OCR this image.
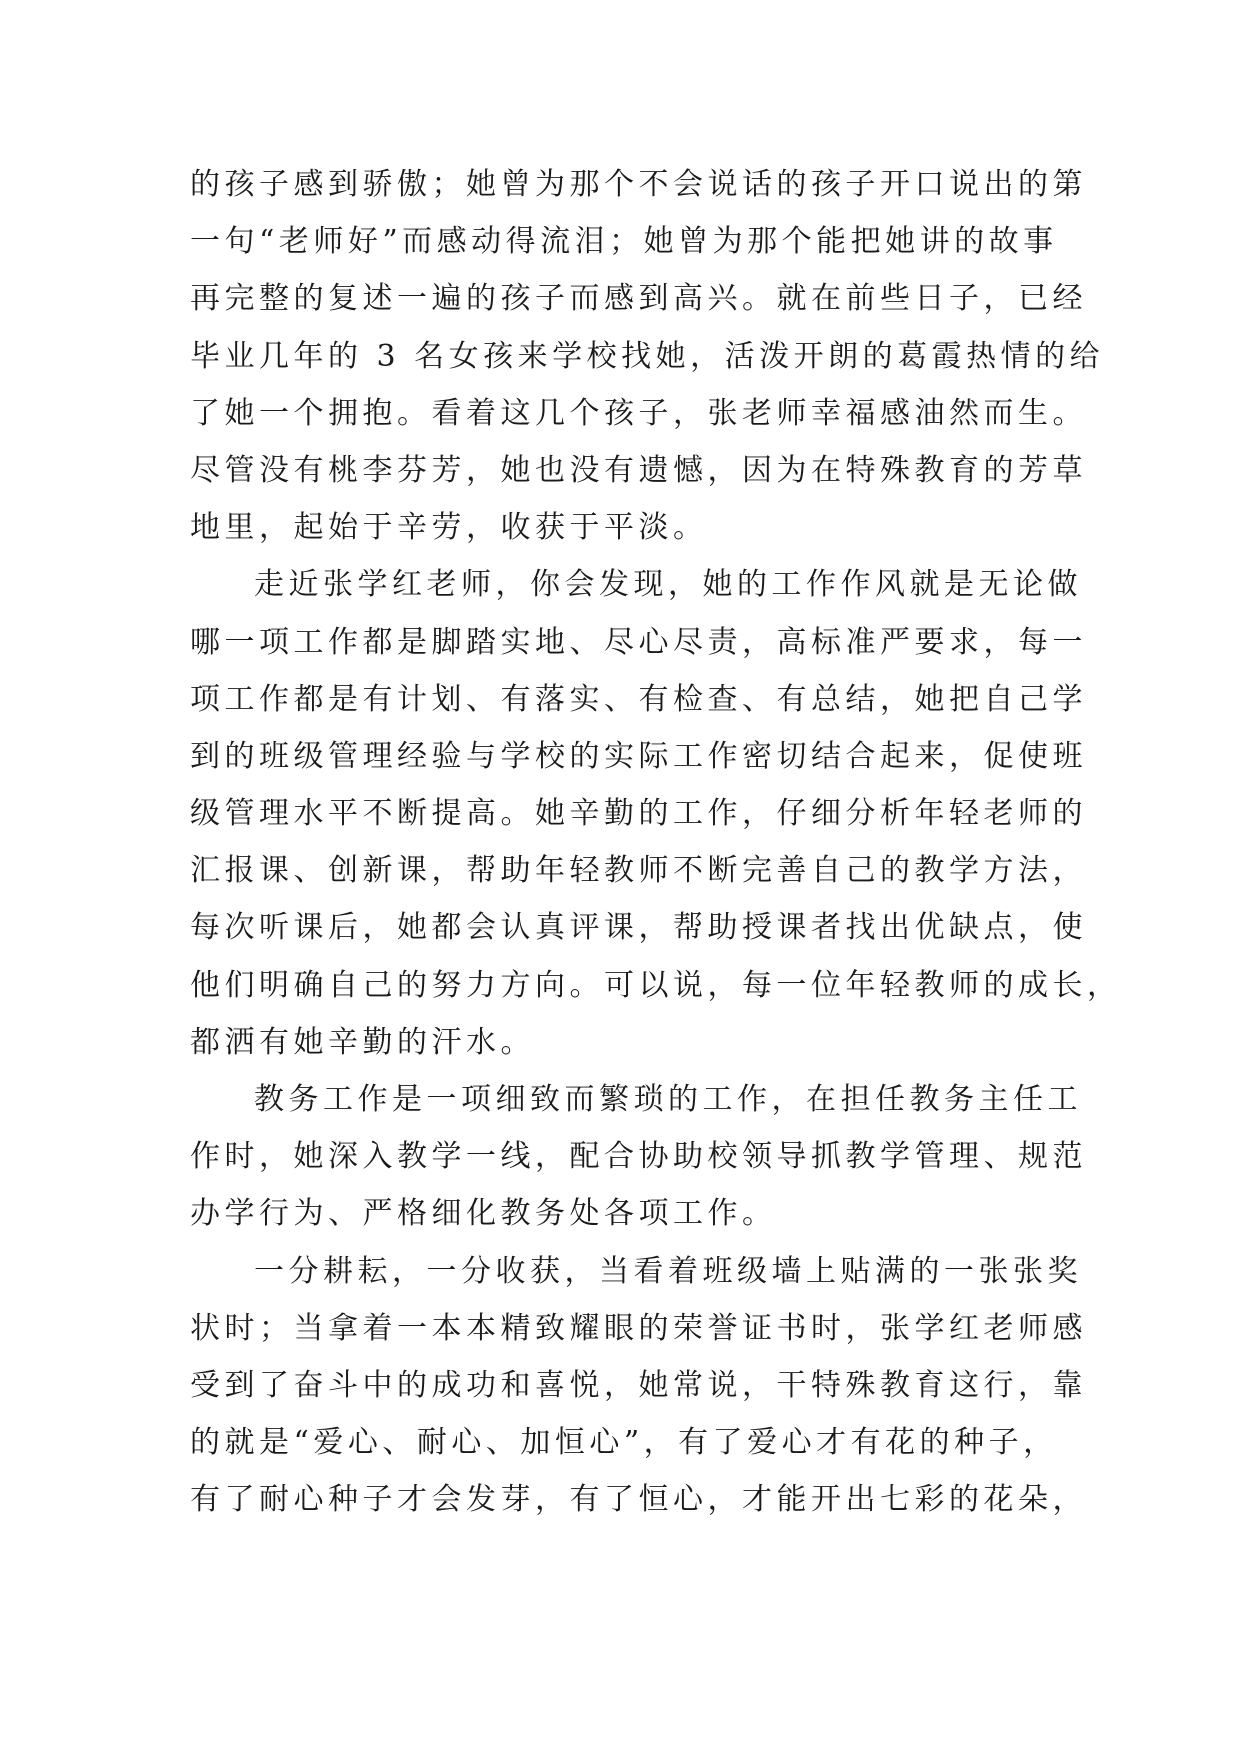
的孩子感到骄傲；她曾为那个不会说话的孩子开口说出的第
一句“老师好”而感动得流泪；她曾为那个能把她讲的故事
再完整的复述一遍的孩子而感到高兴。就在前些日子，已经
毕业几年的 3 名女孩来学校找她，活泼开朗的葛霞热情的给
了她一个拥抱。看着这几个孩子，张老师幸福感油然而生。
尽管没有桃李芬芳，她也没有遗憾，因为在特殊教育的芳草
地里，起始于辛劳，收获于平淡。
走近张学红老师，你会发现，她的工作作风就是无论做
哪一项工作都是脚踏实地、尽心尽责，高标准严要求，每一
项工作都是有计划、有落实、有检查、有总结，她把自己学
到的班级管理经验与学校的实际工作密切结合起来，促使班
级管理水平不断提高。她辛勤的工作，仔细分析年轻老师的
汇报课、创新课，帮助年轻教师不断完善自己的教学方法，
每次听课后，她都会认真评课，帮助授课者找出优缺点，使
他们明确自己的努力方向。可以说，每一位年轻教师的成长，
都洒有她辛勤的汗水。
教务工作是一项细致而繁琐的工作，在担任教务主任工
作时，她深入教学一线，配合协助校领导抓教学管理、规范
办学行为、严格细化教务处各项工作。
一分耕耘，一分收获，当看着班级墙上贴满的一张张奖
状时；当拿着一本本精致耀眼的荣誉证书时，张学红老师感
受到了奋斗中的成功和喜悦，她常说，干特殊教育这行，靠
的就是“爱心、耐心、加恒心”，有了爱心才有花的种子，
有了耐心种子才会发芽，有了恒心，才能开出七彩的花朵，
